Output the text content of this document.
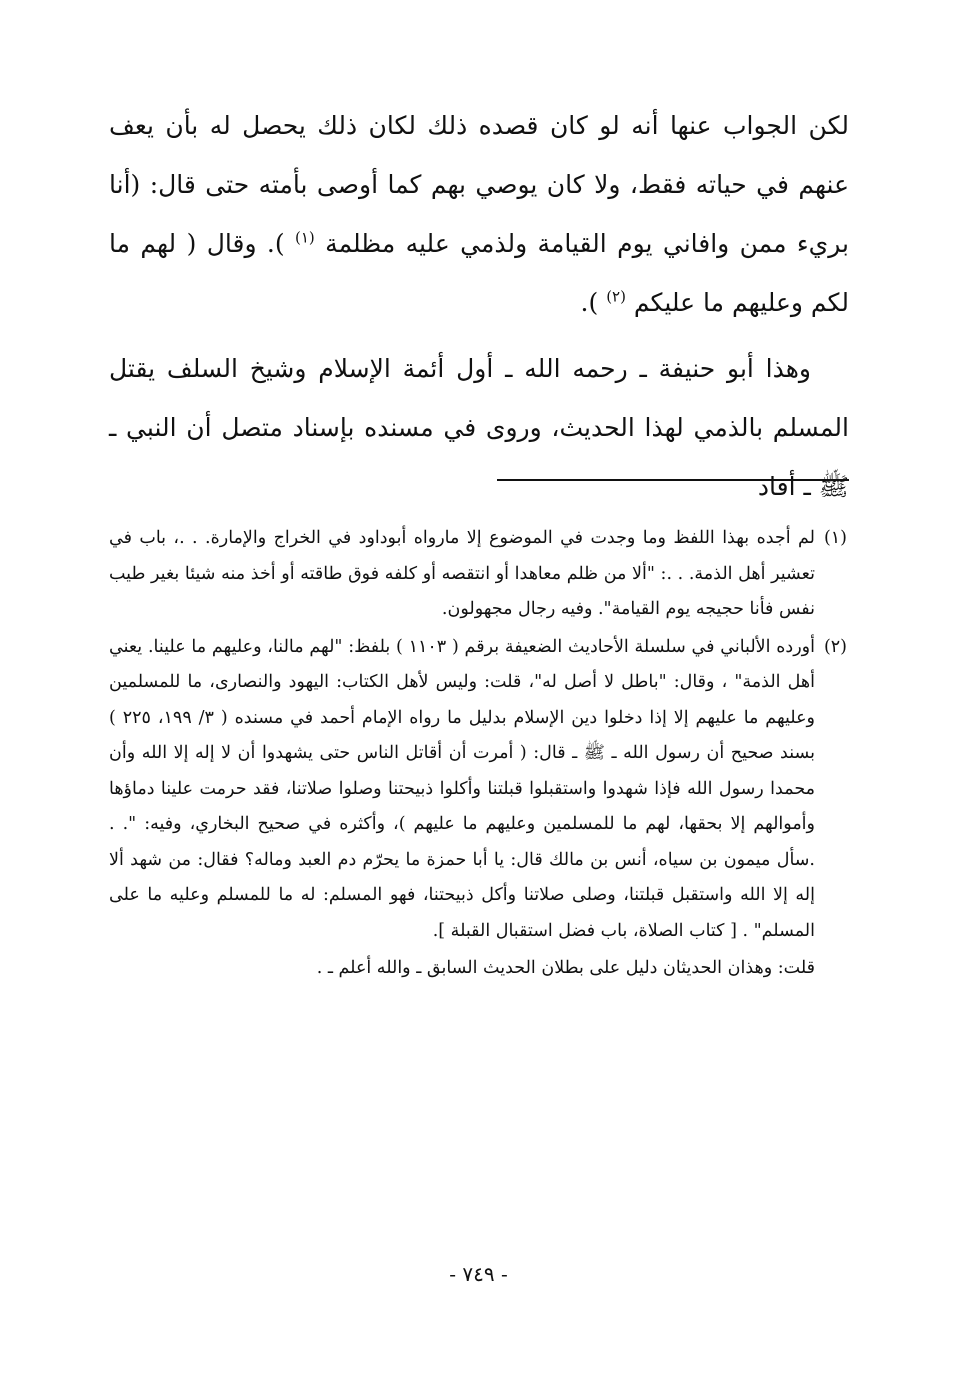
لكن الجواب عنها أنه لو كان قصده ذلك لكان ذلك يحصل له بأن يعف عنهم في حياته فقط، ولا كان يوصي بهم كما أوصى بأمته حتى قال: (أنا بريء ممن وافاني يوم القيامة ولذمي عليه مظلمة $^{(١)}$ ). وقال ( لهم ما لكم وعليهم ما عليكم $^{(٢)}$ ).

وهذا أبو حنيفة ـ رحمه الله ـ أول أئمة الإسلام وشيخ السلف يقتل المسلم بالذمي لهذا الحديث، وروى في مسنده بإسناد متصل أن النبي ـ ﷺ ـ أقاد

(١)
لم أجده بهذا اللفظ وما وجدت في الموضوع إلا مارواه أبوداود في الخراج والإمارة. . .، باب في تعشير أهل الذمة. . .: "ألا من ظلم معاهدا أو انتقصه أو كلفه فوق طاقته أو أخذ منه شيئا بغير طيب نفس فأنا حجيجه يوم القيامة". وفيه رجال مجهولون.
(٢)
أورده الألباني في سلسلة الأحاديث الضعيفة برقم ( ١١٠٣ ) بلفظ: "لهم مالنا، وعليهم ما علينا. يعني أهل الذمة" ، وقال: "باطل لا أصل له"، قلت: وليس لأهل الكتاب: اليهود والنصارى، ما للمسلمين وعليهم ما عليهم إلا إذا دخلوا دين الإسلام بدليل ما رواه الإمام أحمد في مسنده ( ٣/ ١٩٩، ٢٢٥ ) بسند صحيح أن رسول الله ـ ﷺ ـ قال: ( أمرت أن أقاتل الناس حتى يشهدوا أن لا إله إلا الله وأن محمدا رسول الله فإذا شهدوا واستقبلوا قبلتنا وأكلوا ذبيحتنا وصلوا صلاتنا، فقد حرمت علينا دماؤها وأموالهم إلا بحقها، لهم ما للمسلمين وعليهم ما عليهم )، وأكثره في صحيح البخاري، وفيه: ". . .سأل ميمون بن سياه، أنس بن مالك قال: يا أبا حمزة ما يحرّم دم العبد وماله؟ فقال: من شهد ألا إله إلا الله واستقبل قبلتنا، وصلى صلاتنا وأكل ذبيحتنا، فهو المسلم: له ما للمسلم وعليه ما على المسلم" . [ كتاب الصلاة، باب فضل استقبال القبلة ].

قلت: وهذان الحديثان دليل على بطلان الحديث السابق ـ والله أعلم ـ .

- ٧٤٩ -
